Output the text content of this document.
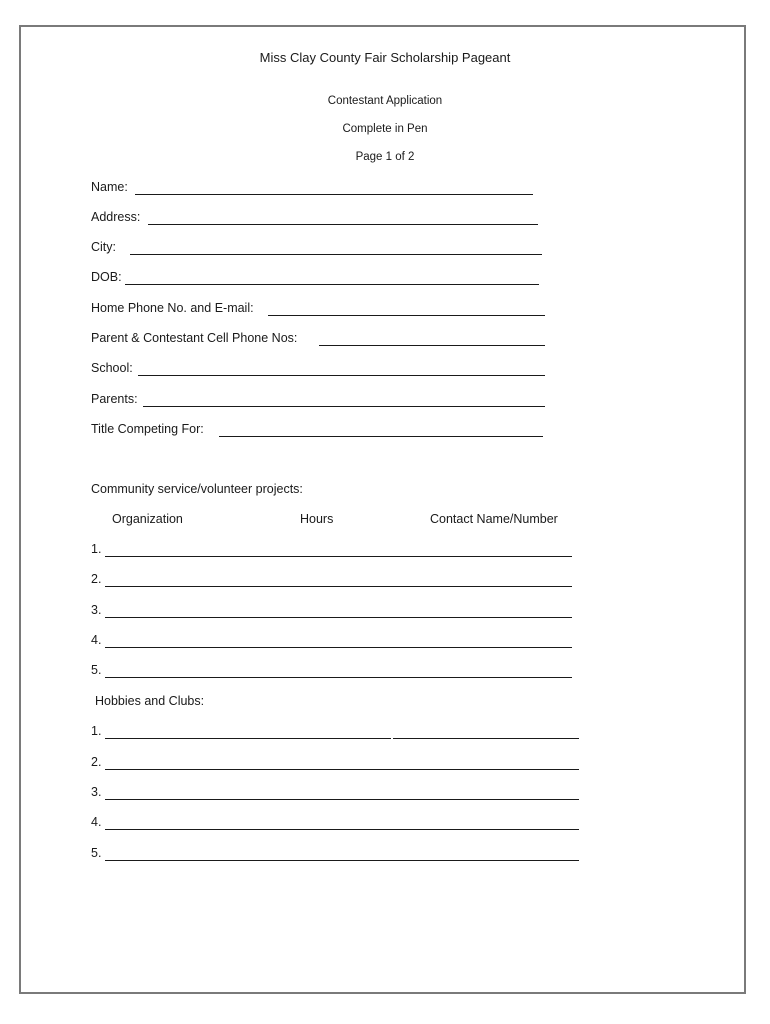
Miss Clay County Fair Scholarship Pageant
Contestant Application
Complete in Pen
Page 1 of 2
Name:
Address:
City:
DOB:
Home Phone No. and E-mail:
Parent & Contestant Cell Phone Nos:
School:
Parents:
Title Competing For:
Community service/volunteer projects:
Organization	Hours	Contact Name/Number
1.
2.
3.
4.
5.
Hobbies and Clubs:
1.
2.
3.
4.
5.
